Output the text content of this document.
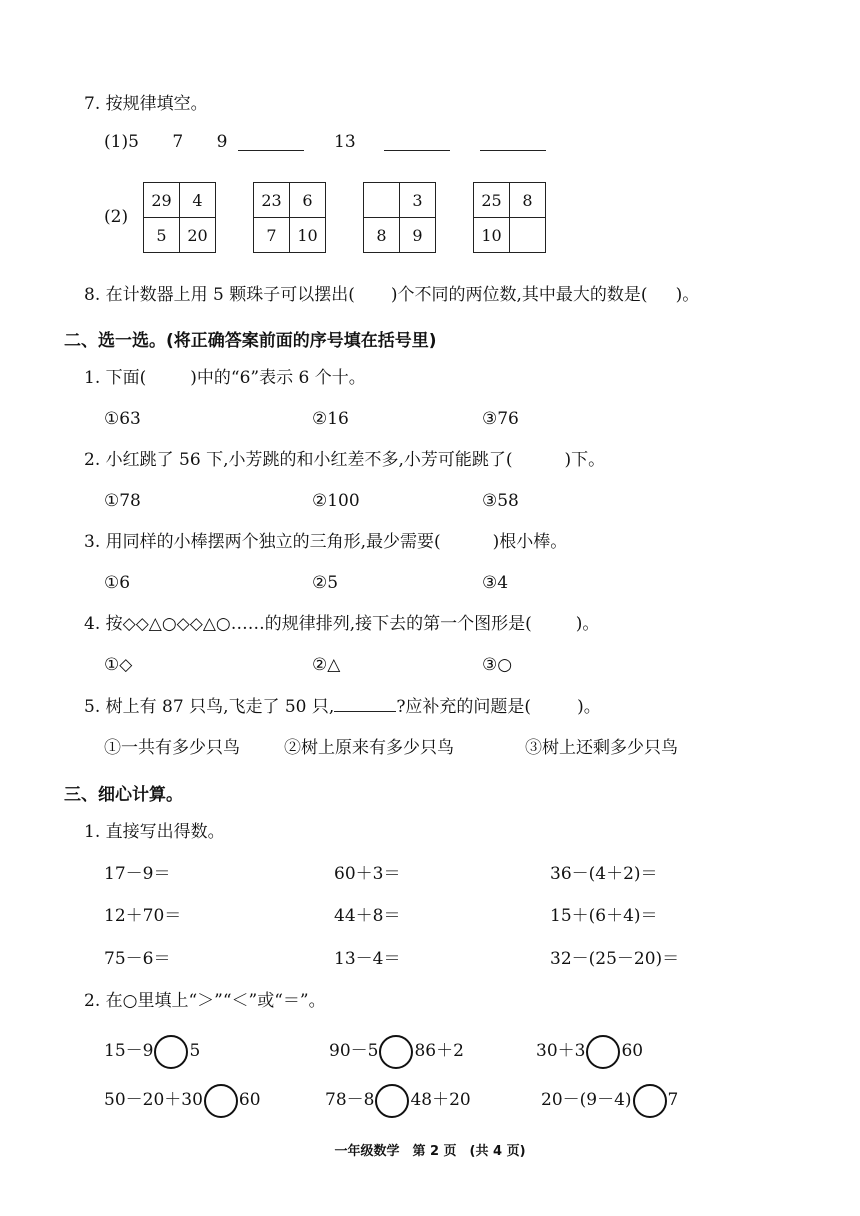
7. 按规律填空。
(1)5 7 9	13
(2)
29	4
5	20
23	6
7	10
	3
8	9
25	8
10	
8. 在计数器上用 5 颗珠子可以摆出( )个不同的两位数,其中最大的数是( )。
二、选一选。(将正确答案前面的序号填在括号里)
1. 下面(	)中的“6”表示 6 个十。
①63	②16	③76
2. 小红跳了 56 下,小芳跳的和小红差不多,小芳可能跳了(	)下。
①78	②100	③58
3. 用同样的小棒摆两个独立的三角形,最少需要(	)根小棒。
①6	②5	③4
4. 按◇◇△○◇◇△○……的规律排列,接下去的第一个图形是(	)。
①◇	②△	③○
5. 树上有 87 只鸟,飞走了 50 只,	?应补充的问题是(	)。
①一共有多少只鸟	②树上原来有多少只鸟	③树上还剩多少只鸟
三、细心计算。
1. 直接写出得数。
17－9＝	60＋3＝	36－(4＋2)＝
12＋70＝	44＋8＝	15＋(6＋4)＝
75－6＝	13－4＝	32－(25－20)＝
2. 在○里填上“＞”“＜”或“＝”。
15－9 5	90－5 86＋2	30＋3 60
50－20＋30 60	78－8 48＋20	20－(9－4) 7
一年级数学　第 2 页　(共 4 页)
